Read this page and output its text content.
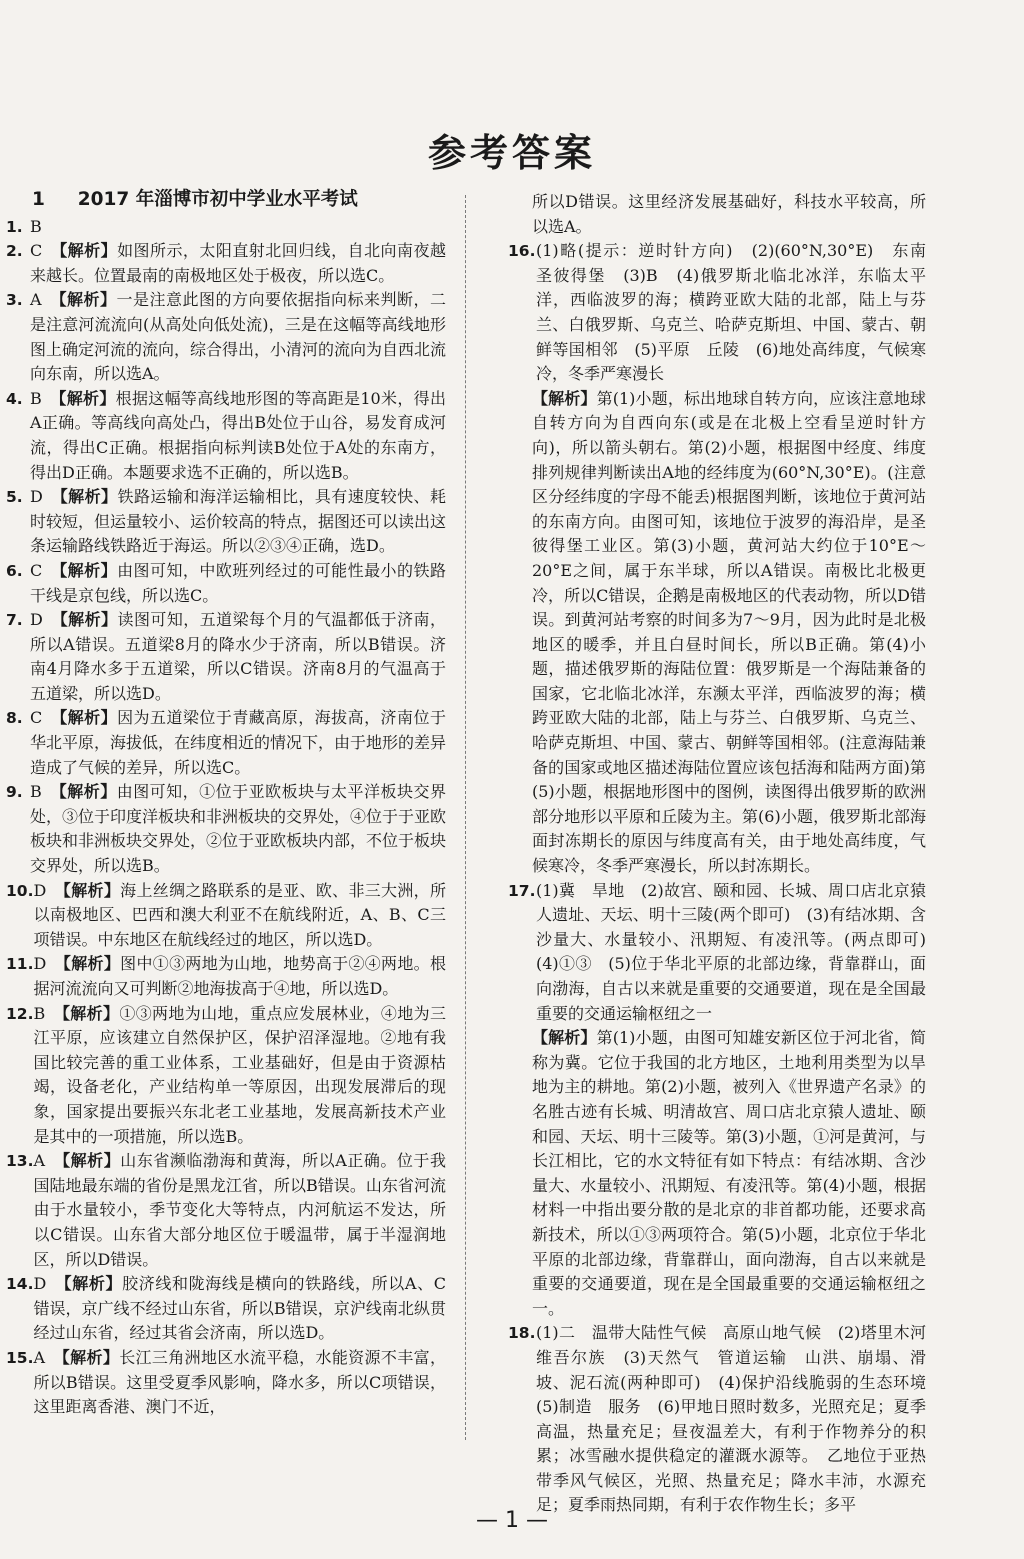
参考答案
1 2017 年淄博市初中学业水平考试
1. B
2. C　 【解析】如图所示，太阳直射北回归线，自北向南夜越来越长。位置最南的南极地区处于极夜，所以选C。
3. A　 【解析】一是注意此图的方向要依据指向标来判断，二是注意河流流向(从高处向低处流)，三是在这幅等高线地形图上确定河流的流向，综合得出，小清河的流向为自西北流向东南，所以选A。
4. B　 【解析】根据这幅等高线地形图的等高距是10米，得出A正确。等高线向高处凸，得出B处位于山谷，易发育成河流，得出C正确。根据指向标判读B处位于A处的东南方，得出D正确。本题要求选不正确的，所以选B。
5. D　 【解析】铁路运输和海洋运输相比，具有速度较快、耗时较短，但运量较小、运价较高的特点，据图还可以读出这条运输路线铁路近于海运。所以②③④正确，选D。
6. C　 【解析】由图可知，中欧班列经过的可能性最小的铁路干线是京包线，所以选C。
7. D　 【解析】读图可知，五道梁每个月的气温都低于济南，所以A错误。五道梁8月的降水少于济南，所以B错误。济南4月降水多于五道梁，所以C错误。济南8月的气温高于五道梁，所以选D。
8. C　 【解析】因为五道梁位于青藏高原，海拔高，济南位于华北平原，海拔低，在纬度相近的情况下，由于地形的差异造成了气候的差异，所以选C。
9. B　 【解析】由图可知，①位于亚欧板块与太平洋板块交界处，③位于印度洋板块和非洲板块的交界处，④位于于亚欧板块和非洲板块交界处，②位于亚欧板块内部，不位于板块交界处，所以选B。
10. D　 【解析】海上丝绸之路联系的是亚、欧、非三大洲，所以南极地区、巴西和澳大利亚不在航线附近，A、B、C三项错误。中东地区在航线经过的地区，所以选D。
11. D　 【解析】图中①③两地为山地，地势高于②④两地。根据河流流向又可判断②地海拔高于④地，所以选D。
12. B　 【解析】①③两地为山地，重点应发展林业，④地为三江平原，应该建立自然保护区，保护沼泽湿地。②地有我国比较完善的重工业体系，工业基础好，但是由于资源枯竭，设备老化，产业结构单一等原因，出现发展滞后的现象，国家提出要振兴东北老工业基地，发展高新技术产业是其中的一项措施，所以选B。
13. A　 【解析】山东省濒临渤海和黄海，所以A正确。位于我国陆地最东端的省份是黑龙江省，所以B错误。山东省河流由于水量较小，季节变化大等特点，内河航运不发达，所以C错误。山东省大部分地区位于暖温带，属于半湿润地区，所以D错误。
14. D　 【解析】胶济线和陇海线是横向的铁路线，所以A、C错误，京广线不经过山东省，所以B错误，京沪线南北纵贯经过山东省，经过其省会济南，所以选D。
15. A　 【解析】长江三角洲地区水流平稳，水能资源不丰富，所以B错误。这里受夏季风影响，降水多，所以C项错误，这里距离香港、澳门不近，
所以D错误。这里经济发展基础好，科技水平较高，所以选A。
16. (1)略(提示：逆时针方向)　(2)(60°N,30°E)　东南　圣彼得堡　(3)B　(4)俄罗斯北临北冰洋，东临太平洋，西临波罗的海；横跨亚欧大陆的北部，陆上与芬兰、白俄罗斯、乌克兰、哈萨克斯坦、中国、蒙古、朝鲜等国相邻　(5)平原　丘陵　(6)地处高纬度，气候寒冷，冬季严寒漫长
【解析】第(1)小题，标出地球自转方向，应该注意地球自转方向为自西向东(或是在北极上空看呈逆时针方向)，所以箭头朝右。第(2)小题，根据图中经度、纬度排列规律判断读出A地的经纬度为(60°N,30°E)。(注意区分经纬度的字母不能丢)根据图判断，该地位于黄河站的东南方向。由图可知，该地位于波罗的海沿岸，是圣彼得堡工业区。第(3)小题，黄河站大约位于10°E～20°E之间，属于东半球，所以A错误。南极比北极更冷，所以C错误，企鹅是南极地区的代表动物，所以D错误。到黄河站考察的时间多为7～9月，因为此时是北极地区的暖季，并且白昼时间长，所以B正确。第(4)小题，描述俄罗斯的海陆位置：俄罗斯是一个海陆兼备的国家，它北临北冰洋，东濒太平洋，西临波罗的海；横跨亚欧大陆的北部，陆上与芬兰、白俄罗斯、乌克兰、哈萨克斯坦、中国、蒙古、朝鲜等国相邻。(注意海陆兼备的国家或地区描述海陆位置应该包括海和陆两方面)第(5)小题，根据地形图中的图例，读图得出俄罗斯的欧洲部分地形以平原和丘陵为主。第(6)小题，俄罗斯北部海面封冻期长的原因与纬度高有关，由于地处高纬度，气候寒冷，冬季严寒漫长，所以封冻期长。
17. (1)冀　旱地　(2)故宫、颐和园、长城、周口店北京猿人遗址、天坛、明十三陵(两个即可)　(3)有结冰期、含沙量大、水量较小、汛期短、有凌汛等。(两点即可)　(4)①③　(5)位于华北平原的北部边缘，背靠群山，面向渤海，自古以来就是重要的交通要道，现在是全国最重要的交通运输枢纽之一
【解析】第(1)小题，由图可知雄安新区位于河北省，简称为冀。它位于我国的北方地区，土地利用类型为以旱地为主的耕地。第(2)小题，被列入《世界遗产名录》的名胜古迹有长城、明清故宫、周口店北京猿人遗址、颐和园、天坛、明十三陵等。第(3)小题，①河是黄河，与长江相比，它的水文特征有如下特点：有结冰期、含沙量大、水量较小、汛期短、有凌汛等。第(4)小题，根据材料一中指出要分散的是北京的非首都功能，还要求高新技术，所以①③两项符合。第(5)小题，北京位于华北平原的北部边缘，背靠群山，面向渤海，自古以来就是重要的交通要道，现在是全国最重要的交通运输枢纽之一。
18. (1)二　温带大陆性气候　高原山地气候　(2)塔里木河　维吾尔族　(3)天然气　管道运输　山洪、崩塌、滑坡、泥石流(两种即可)　(4)保护沿线脆弱的生态环境　(5)制造　服务　(6)甲地日照时数多，光照充足；夏季高温，热量充足；昼夜温差大，有利于作物养分的积累；冰雪融水提供稳定的灌溉水源等。　乙地位于亚热带季风气候区，光照、热量充足；降水丰沛，水源充足；夏季雨热同期，有利于农作物生长；多平
— 1 —
